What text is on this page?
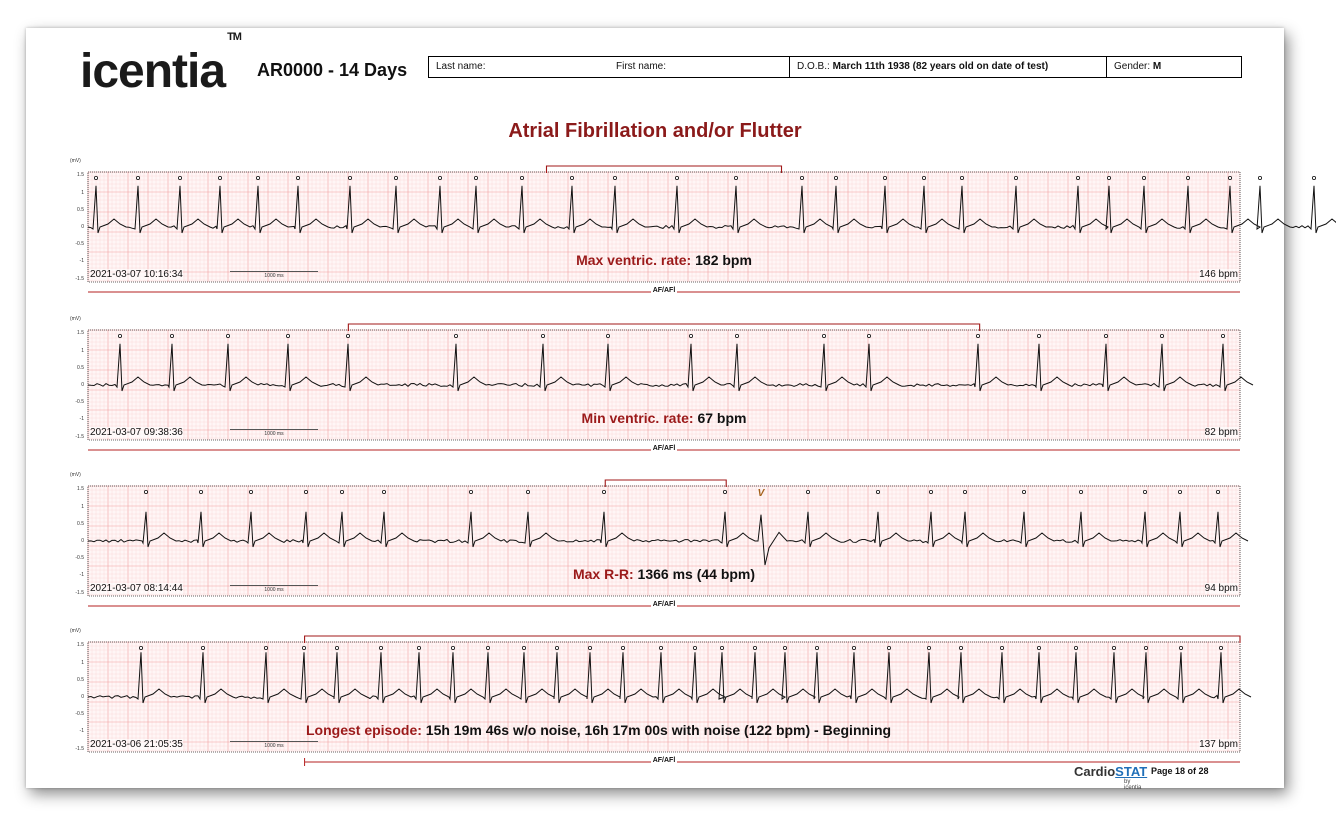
icentia™
AR0000 - 14 Days	Last name:	First name:	D.O.B.: March 11th 1938 (82 years old on date of test)	Gender: M
Atrial Fibrillation and/or Flutter
(mV)
1.5
1
0.5
0
-0.5
-1
-1.5 2021-03-07 10:16:34	146 bpm
1000 ms
Max ventric. rate: 182 bpm
AF/AFl
(mV)
1.5
1
0.5
0
-0.5
-1
-1.5 2021-03-07 09:38:36	82 bpm
1000 ms
Min ventric. rate: 67 bpm
AF/AFl
V
(mV)
1.5
1
0.5
0
-0.5
-1
-1.5 2021-03-07 08:14:44	94 bpm
1000 ms
Max R-R: 1366 ms (44 bpm)
AF/AFl
(mV)
1.5
1
0.5
0
-0.5
-1
-1.5 2021-03-06 21:05:35	137 bpm
1000 ms
Longest episode: 15h 19m 46s w/o noise, 16h 17m 00s with noise (122 bpm) - Beginning
AF/AFl
CardioSTAT
by icentia
Page 18 of 28
